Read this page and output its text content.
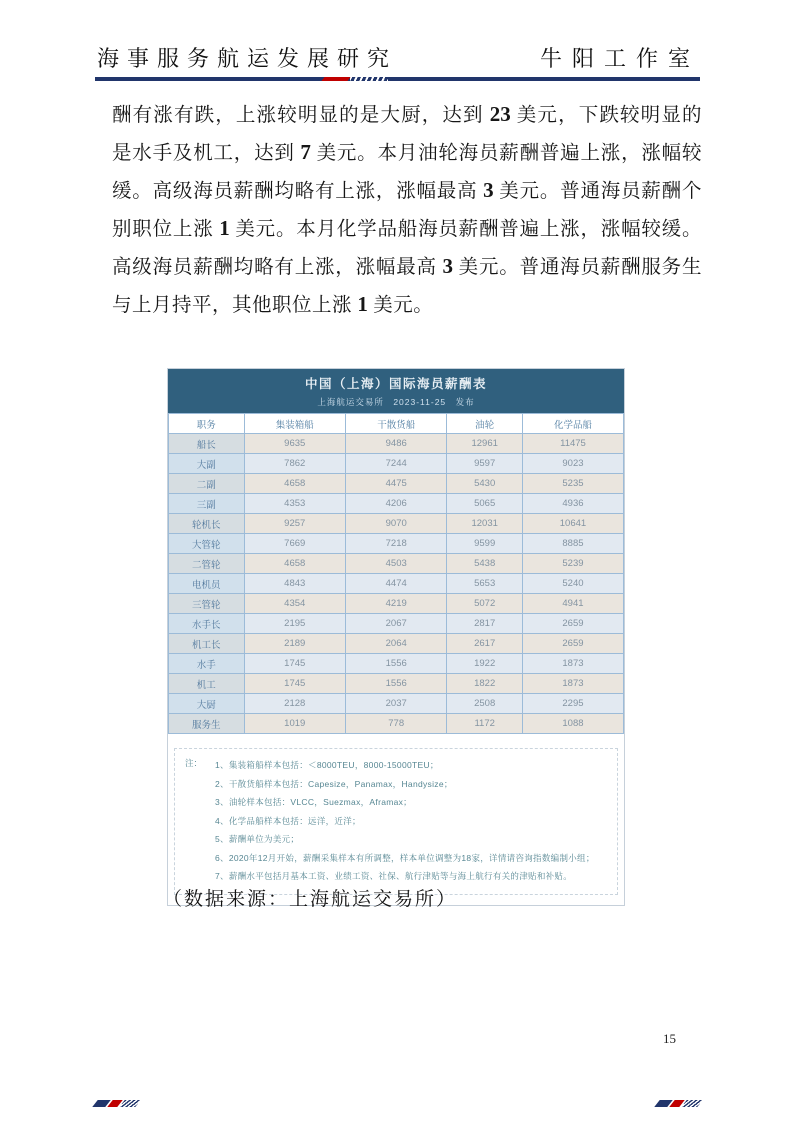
海事服务航运发展研究	牛阳工作室
酬有涨有跌，上涨较明显的是大厨，达到 23 美元，下跌较明显的是水手及机工，达到 7 美元。本月油轮海员薪酬普遍上涨，涨幅较缓。高级海员薪酬均略有上涨，涨幅最高 3 美元。普通海员薪酬个别职位上涨 1 美元。本月化学品船海员薪酬普遍上涨，涨幅较缓。高级海员薪酬均略有上涨，涨幅最高 3 美元。普通海员薪酬服务生与上月持平，其他职位上涨 1 美元。
中国（上海）国际海员薪酬表
上海航运交易所　2023-11-25　发布
职务	集装箱船	干散货船	油轮	化学品船
船长	9635	9486	12961	11475
大副	7862	7244	9597	9023
二副	4658	4475	5430	5235
三副	4353	4206	5065	4936
轮机长	9257	9070	12031	10641
大管轮	7669	7218	9599	8885
二管轮	4658	4503	5438	5239
电机员	4843	4474	5653	5240
三管轮	4354	4219	5072	4941
水手长	2195	2067	2817	2659
机工长	2189	2064	2617	2659
水手	1745	1556	1922	1873
机工	1745	1556	1822	1873
大厨	2128	2037	2508	2295
服务生	1019	778	1172	1088
注： 1、集装箱船样本包括：＜8000TEU，8000-15000TEU；
2、干散货船样本包括：Capesize，Panamax，Handysize；
3、油轮样本包括：VLCC，Suezmax，Aframax；
4、化学品船样本包括：远洋，近洋；
5、薪酬单位为美元；
6、2020年12月开始，薪酬采集样本有所调整，样本单位调整为18家，详情请咨询指数编制小组；
7、薪酬水平包括月基本工资、业绩工资、社保、航行津贴等与海上航行有关的津贴和补贴。
（数据来源：上海航运交易所）
15
